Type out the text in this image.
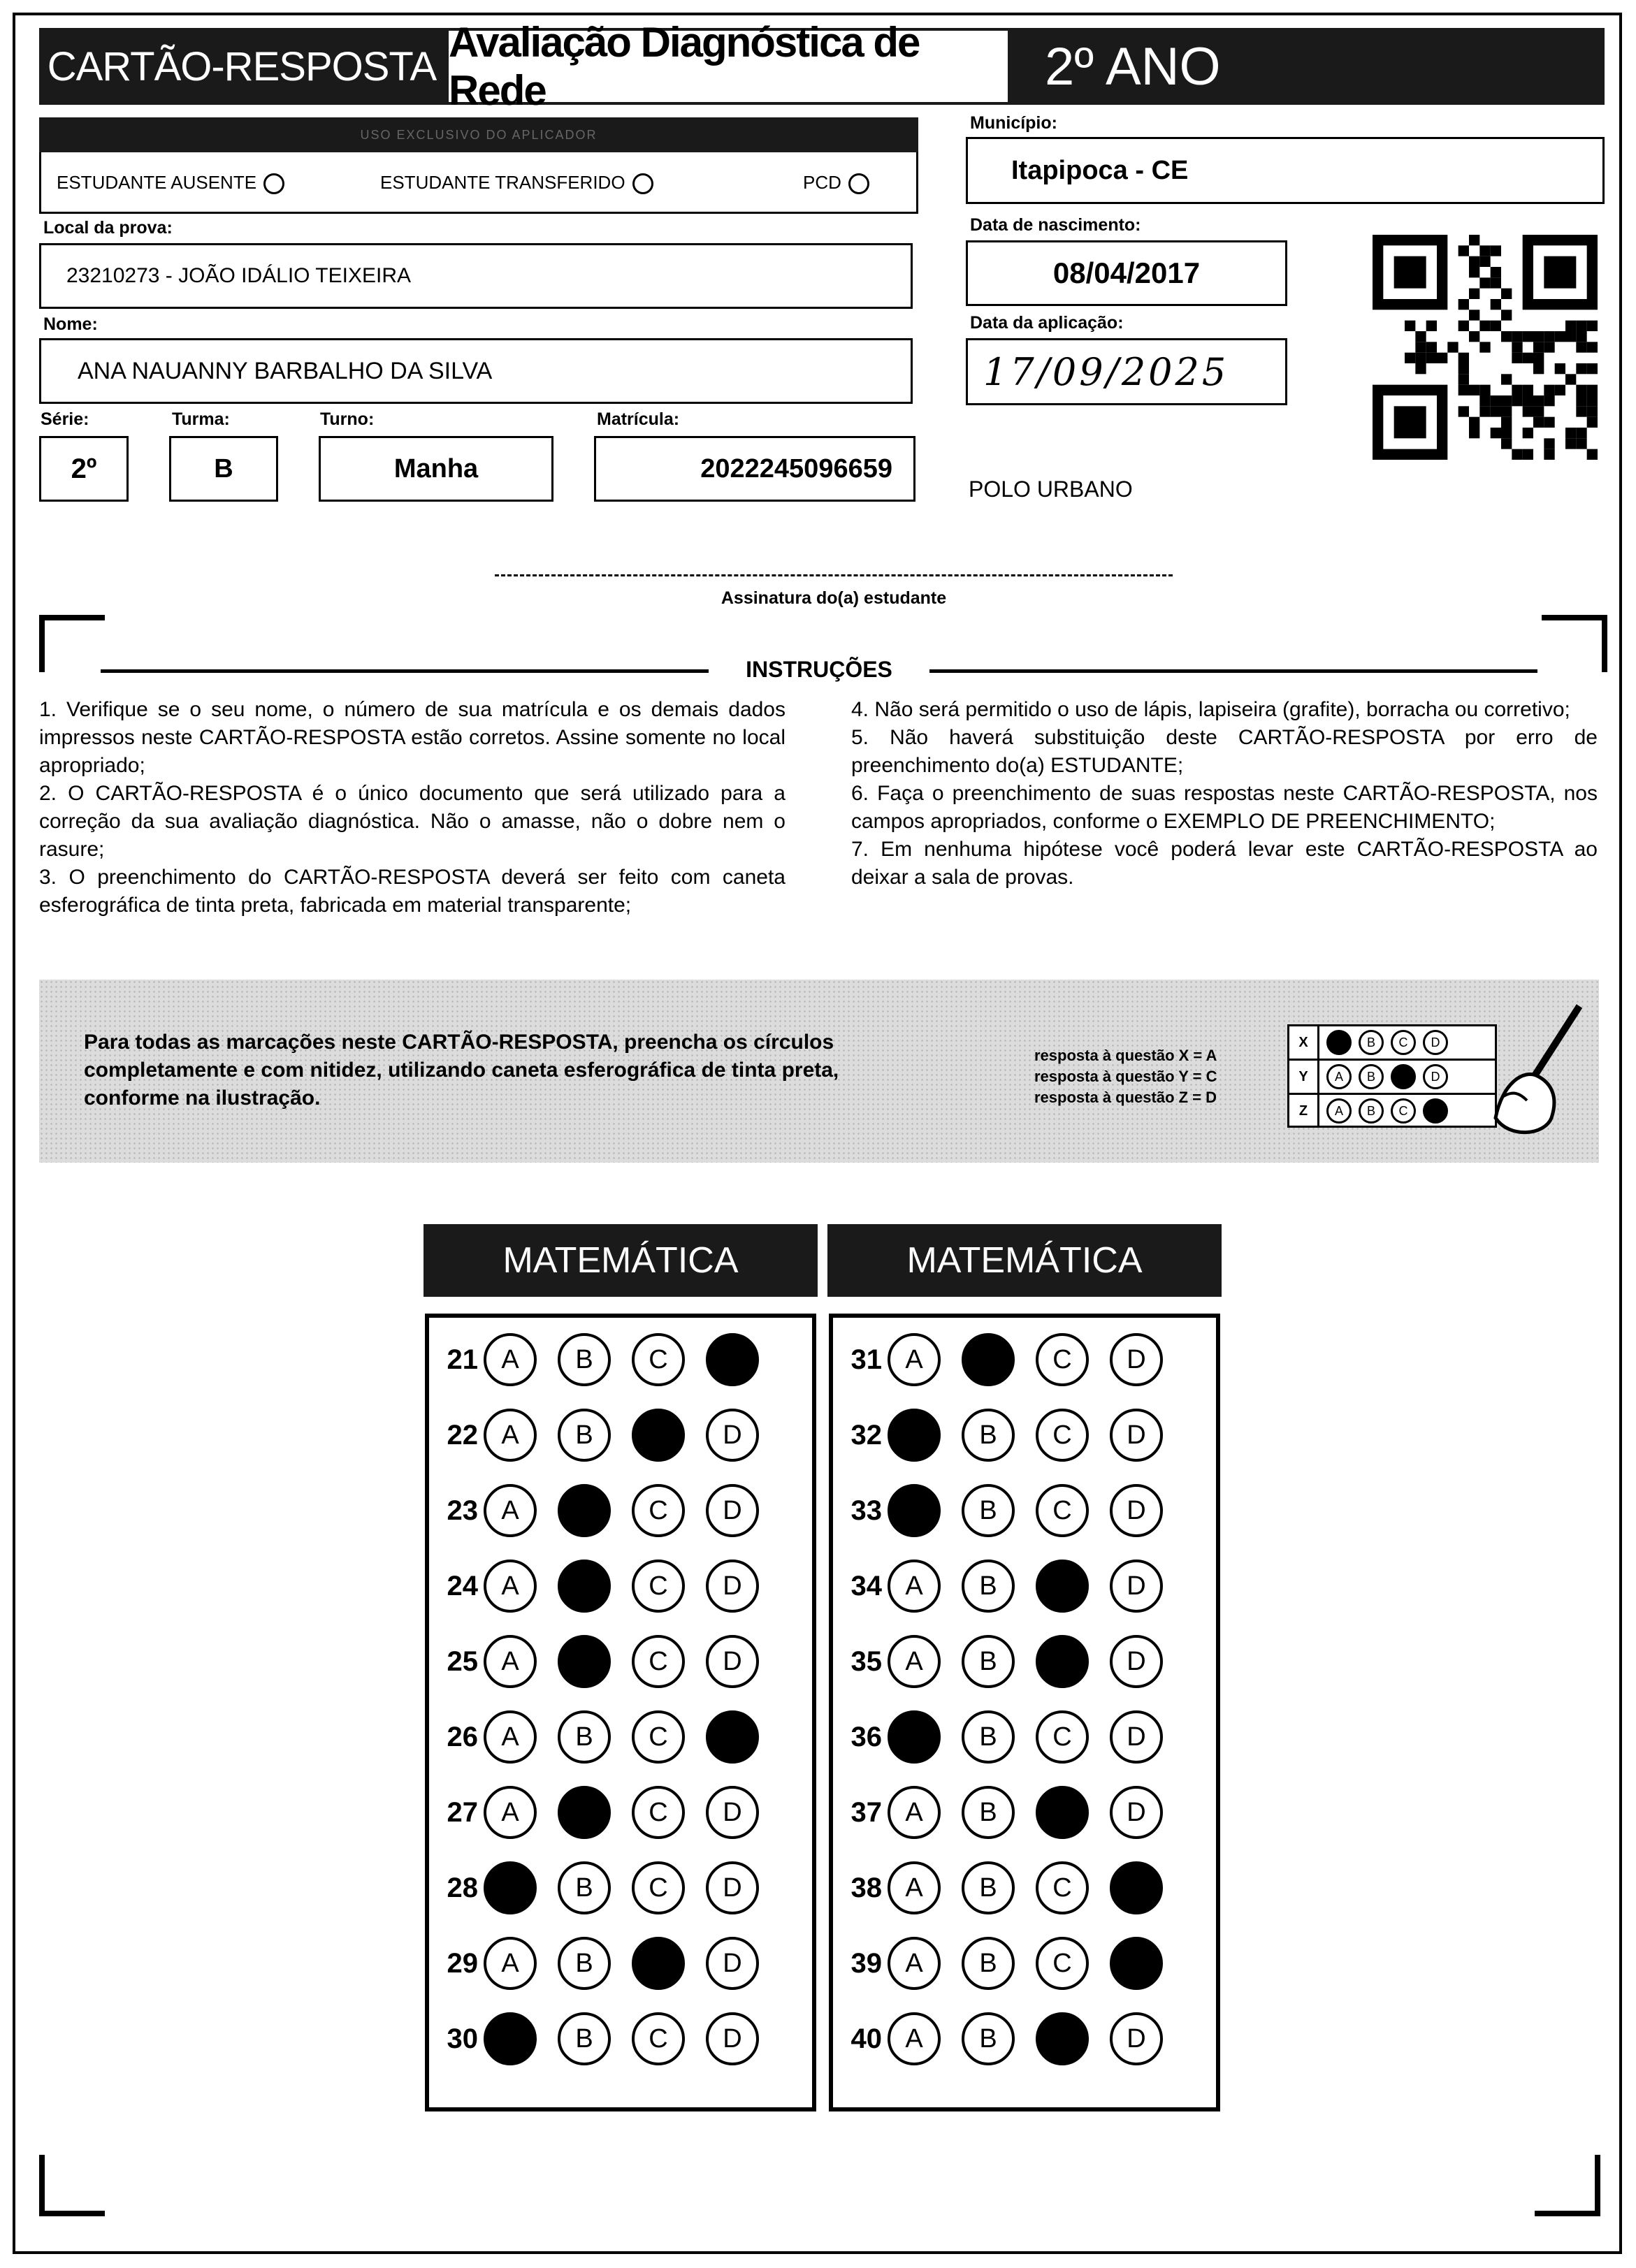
CARTÃO-RESPOSTA
Avaliação Diagnóstica de Rede	2º ANO
USO EXCLUSIVO DO APLICADOR
ESTUDANTE AUSENTE	ESTUDANTE TRANSFERIDO	PCD
Município:
Itapipoca - CE
Local da prova:
23210273 - JOÃO IDÁLIO TEIXEIRA
Data de nascimento:
08/04/2017
Nome:
ANA NAUANNY BARBALHO DA SILVA
Data da aplicação:
17/09/2025
Série:
2º
Turma:
B
Turno:
Manha
Matrícula:
2022245096659
POLO URBANO
Assinatura do(a) estudante
INSTRUÇÕES

1. Verifique se o seu nome, o número de sua matrícula e os demais dados impressos neste CARTÃO-RESPOSTA estão corretos. Assine somente no local apropriado;

2. O CARTÃO-RESPOSTA é o único documento que será utilizado para a correção da sua avaliação diagnóstica. Não o amasse, não o dobre nem o rasure;

3. O preenchimento do CARTÃO-RESPOSTA deverá ser feito com caneta esferográfica de tinta preta, fabricada em material transparente;

4. Não será permitido o uso de lápis, lapiseira (grafite), borracha ou corretivo;

5. Não haverá substituição deste CARTÃO-RESPOSTA por erro de preenchimento do(a) ESTUDANTE;

6. Faça o preenchimento de suas respostas neste CARTÃO-RESPOSTA, nos campos apropriados, conforme o EXEMPLO DE PREENCHIMENTO;

7. Em nenhuma hipótese você poderá levar este CARTÃO-RESPOSTA ao deixar a sala de provas.

Para todas as marcações neste CARTÃO-RESPOSTA, preencha os círculos completamente e com nitidez, utilizando caneta esferográfica de tinta preta, conforme na ilustração.
resposta à questão X = A
resposta à questão Y = C
resposta à questão Z = D
X	B	C	D
Y	A	B	D
Z	A	B	C
MATEMÁTICA
21 A	B	C	D
22 A	B	C	D
23 A	B	C	D
24 A	B	C	D
25 A	B	C	D
26 A	B	C	D
27 A	B	C	D
28 A	B	C	D
29 A	B	C	D
30 A	B	C	D
MATEMÁTICA
31 A	B	C	D
32 A	B	C	D
33 A	B	C	D
34 A	B	C	D
35 A	B	C	D
36 A	B	C	D
37 A	B	C	D
38 A	B	C	D
39 A	B	C	D
40 A	B	C	D
